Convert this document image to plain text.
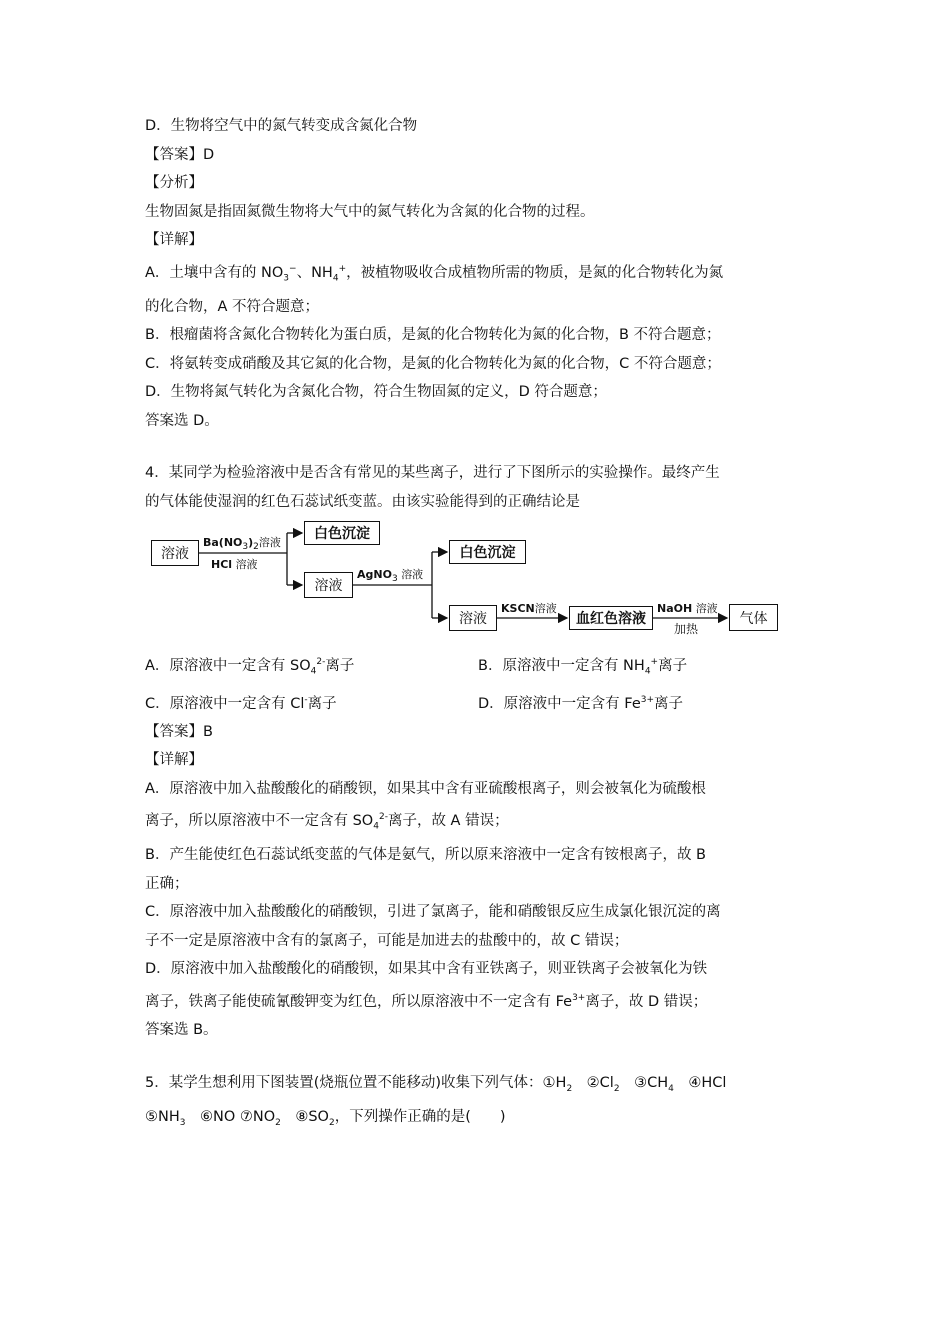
D．生物将空气中的氮气转变成含氮化合物
【答案】D
【分析】
生物固氮是指固氮微生物将大气中的氮气转化为含氮的化合物的过程。
【详解】
A．土壤中含有的 $NO_3^-$、$NH_4^+$，被植物吸收合成植物所需的物质，是氮的化合物转化为氮
的化合物，A 不符合题意；
B．根瘤菌将含氮化合物转化为蛋白质，是氮的化合物转化为氮的化合物，B 不符合题意；
C．将氨转变成硝酸及其它氮的化合物，是氮的化合物转化为氮的化合物，C 不符合题意；
D．生物将氮气转化为含氮化合物，符合生物固氮的定义，D 符合题意；
答案选 D。
4．某同学为检验溶液中是否含有常见的某些离子，进行了下图所示的实验操作。最终产生
的气体能使湿润的红色石蕊试纸变蓝。由该实验能得到的正确结论是
溶液
白色沉淀
溶液
白色沉淀
溶液	血红色溶液	气体
$Ba(NO_3)_2$溶液
HCl 溶液
AgNO$_3$ 溶液
KSCN溶液	NaOH 溶液
加热
A．原溶液中一定含有 $SO_4^{2-}$离子	B．原溶液中一定含有 $NH_4^+$离子
C．原溶液中一定含有 Cl-离子	D．原溶液中一定含有 $Fe^{3+}$离子
【答案】B
【详解】
A．原溶液中加入盐酸酸化的硝酸钡，如果其中含有亚硫酸根离子，则会被氧化为硫酸根
离子，所以原溶液中不一定含有 $SO_4^{2-}$离子，故 A 错误；
B．产生能使红色石蕊试纸变蓝的气体是氨气，所以原来溶液中一定含有铵根离子，故 B
正确；
C．原溶液中加入盐酸酸化的硝酸钡，引进了氯离子，能和硝酸银反应生成氯化银沉淀的离
子不一定是原溶液中含有的氯离子，可能是加进去的盐酸中的，故 C 错误；
D．原溶液中加入盐酸酸化的硝酸钡，如果其中含有亚铁离子，则亚铁离子会被氧化为铁
离子，铁离子能使硫氰酸钾变为红色，所以原溶液中不一定含有 $Fe^{3+}$离子，故 D 错误；
答案选 B。
5．某学生想利用下图装置(烧瓶位置不能移动)收集下列气体：$①H_2$　$②Cl_2$　$③CH_4$　④HCl
$⑤NH_3$　⑥NO $⑦NO_2$　$⑧SO_2$，下列操作正确的是(　　)
